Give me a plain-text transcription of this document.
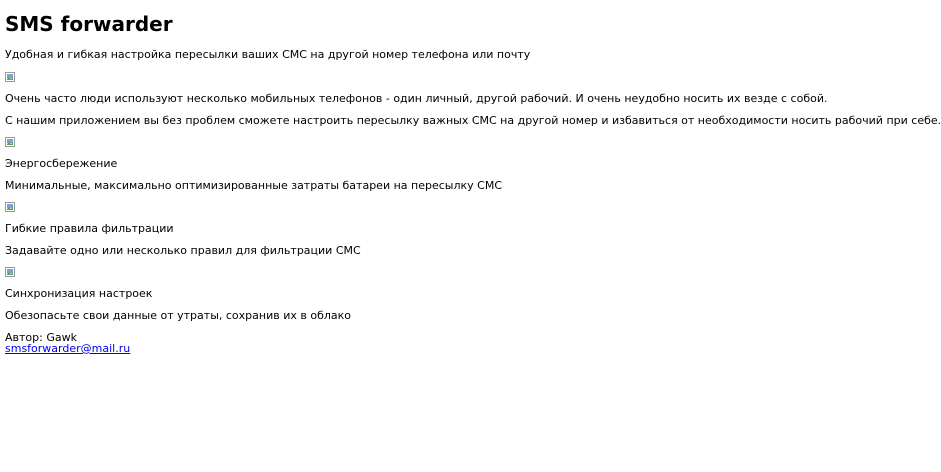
SMS forwarder

Удобная и гибкая настройка пересылки ваших СМС на другой номер телефона или почту

Очень часто люди используют несколько мобильных телефонов - один личный, другой рабочий. И очень неудобно носить их везде с собой.

С нашим приложением вы без проблем сможете настроить пересылку важных СМС на другой номер и избавиться от необходимости носить рабочий при себе.

Энергосбережение

Минимальные, максимально оптимизированные затраты батареи на пересылку СМС

Гибкие правила фильтрации

Задавайте одно или несколько правил для фильтрации СМС

Синхронизация настроек

Обезопасьте свои данные от утраты, сохранив их в облако

Автор: Gawk

smsforwarder@mail.ru
